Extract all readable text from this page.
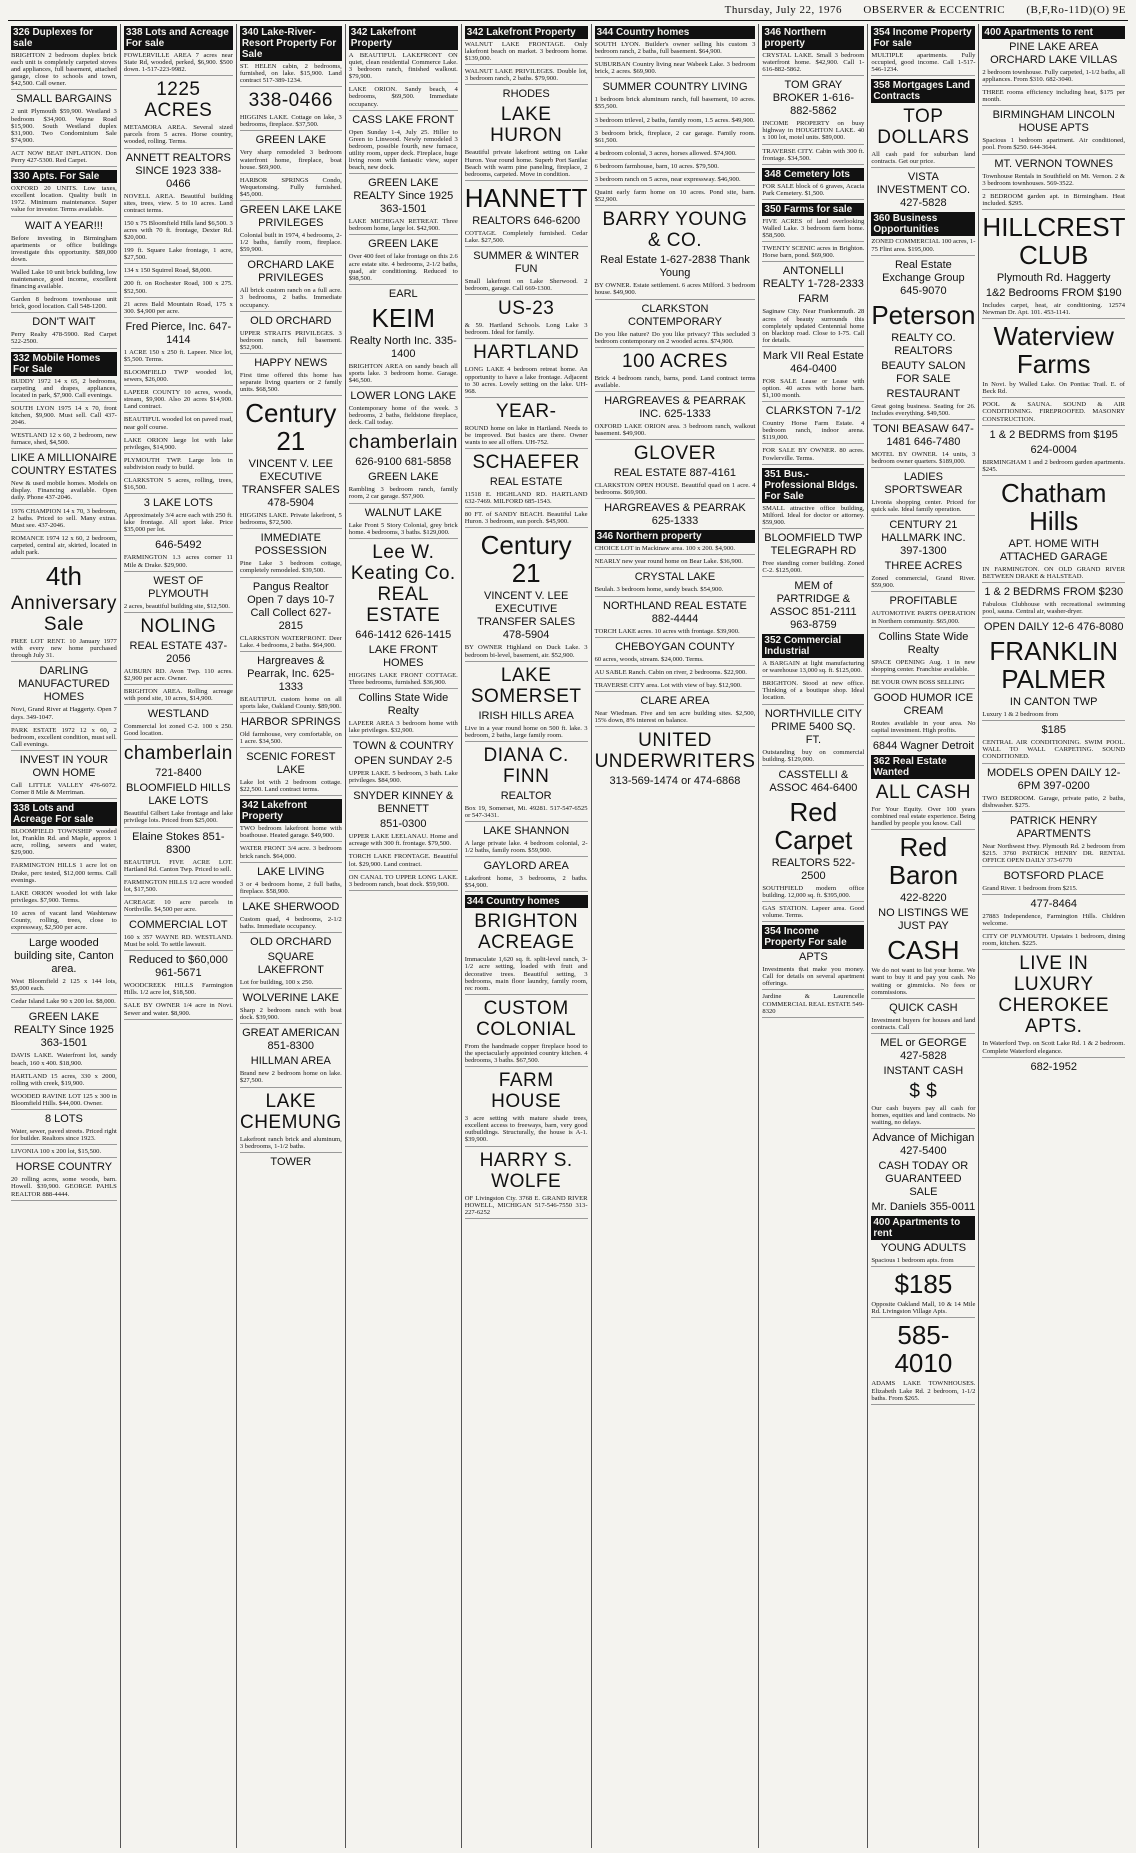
Thursday, July 22, 1976 OBSERVER & ECCENTRIC (B,F,Ro-11D)(O) 9E
326 Duplexes for sale
BRIGHTON 2 bedroom duplex brick each unit is completely carpeted stoves and appliances, full basement, attached garage, close to schools and town, $42,500. Call owner.
SMALL BARGAINS
2 unit Plymouth $59,900. Westland 3 bedroom $34,900. Wayne Road $15,900. South Westland duplex $31,900. Two Condominium Sale $74,900.
ACT NOW BEAT INFLATION. Don Perry 427-5300. Red Carpet.
330 Apts. For Sale
OXFORD 20 UNITS. Low taxes, excellent location. Quality built in 1972. Minimum maintenance. Super value for investor. Terms available.
WAIT A YEAR!!!
Before investing in Birmingham apartments or office buildings investigate this opportunity. $89,000 down.
Walled Lake 10 unit brick building, low maintenance, good income, excellent financing available.
Garden 8 bedroom townhouse unit brick, good location. Call 548-1200.
DON'T WAIT
Perry Realty 478-5900. Red Carpet 522-2500.
332 Mobile Homes For Sale
BUDDY 1972 14 x 65, 2 bedrooms, carpeting and drapes, appliances, located in park, $7,900. Call evenings.
SOUTH LYON 1975 14 x 70, front kitchen, $9,900. Must sell. Call 437-2046.
WESTLAND 12 x 60, 2 bedroom, new furnace, shed, $4,500.
LIKE A MILLIONAIRE COUNTRY ESTATES
New & used mobile homes. Models on display. Financing available. Open daily. Phone 437-2046.
1976 CHAMPION 14 x 70, 3 bedroom, 2 baths. Priced to sell. Many extras. Must see. 437-2046.
ROMANCE 1974 12 x 60, 2 bedroom, carpeted, central air, skirted, located in adult park.
4th
Anniversary Sale
FREE LOT RENT. 10 January 1977 with every new home purchased through July 31.
DARLING MANUFACTURED HOMES
Novi, Grand River at Haggerty. Open 7 days. 349-1047.
PARK ESTATE 1972 12 x 60, 2 bedroom, excellent condition, must sell. Call evenings.
INVEST IN YOUR OWN HOME
Call LITTLE VALLEY 476-6072. Corner 8 Mile & Merriman.
338 Lots and Acreage For sale
BLOOMFIELD TOWNSHIP wooded lot, Franklin Rd. and Maple, approx 1 acre, rolling, sewers and water, $29,900.
FARMINGTON HILLS 1 acre lot on Drake, perc tested, $12,000 terms. Call evenings.
LAKE ORION wooded lot with lake privileges. $7,900. Terms.
10 acres of vacant land Washtenaw County, rolling, trees, close to expressway, $2,500 per acre.
Large wooded building site, Canton area.
West Bloomfield 2 125 x 144 lots, $5,000 each.
Cedar Island Lake 90 x 200 lot. $8,000.
GREEN LAKE REALTY Since 1925 363-1501
DAVIS LAKE. Waterfront lot, sandy beach, 160 x 400. $18,900.
HARTLAND 15 acres, 330 x 2000, rolling with creek, $19,900.
WOODED RAVINE LOT 125 x 300 in Bloomfield Hills. $44,000. Owner.
8 LOTS
Water, sewer, paved streets. Priced right for builder. Realtors since 1923.
LIVONIA 100 x 200 lot, $15,500.
HORSE COUNTRY
20 rolling acres, some woods, barn. Howell. $39,900. GEORGE PAHLS REALTOR 888-4444.
338 Lots and Acreage For sale
FOWLERVILLE AREA 7 acres near State Rd, wooded, perked, $6,900. $500 down. 1-517-223-9982.
1225 ACRES
METAMORA AREA. Several sized parcels from 5 acres. Horse country, wooded, rolling. Terms.
ANNETT REALTORS SINCE 1923 338-0466
NOVELL AREA. Beautiful building sites, trees, view. 5 to 10 acres. Land contract terms.
150 x 75 Bloomfield Hills land $6,500. 3 acres with 70 ft. frontage, Dexter Rd. $20,000.
199 ft. Square Lake frontage, 1 acre, $27,500.
134 x 150 Squirrel Road, $8,000.
200 ft. on Rochester Road, 100 x 275. $52,500.
21 acres Bald Mountain Road, 175 x 300. $4,900 per acre.
Fred Pierce, Inc. 647-1414
1 ACRE 150 x 250 ft. Lapeer. Nice lot, $5,500. Terms.
BLOOMFIELD TWP wooded lot, sewers, $26,000.
LAPEER COUNTY 10 acres, woods, stream, $9,900. Also 20 acres $14,900. Land contract.
BEAUTIFUL wooded lot on paved road, near golf course.
LAKE ORION large lot with lake privileges, $14,900.
PLYMOUTH TWP. Large lots in subdivision ready to build.
CLARKSTON 5 acres, rolling, trees, $16,500.
3 LAKE LOTS
Approximately 3/4 acre each with 250 ft. lake frontage. All sport lake. Price $35,000 per lot.
646-5492
FARMINGTON 1.3 acres corner 11 Mile & Drake. $29,900.
WEST OF PLYMOUTH
2 acres, beautiful building site, $12,500.
NOLING
REAL ESTATE 437-2056
AUBURN RD. Avon Twp. 110 acres. $2,900 per acre. Owner.
BRIGHTON AREA. Rolling acreage with pond site, 10 acres, $14,900.
WESTLAND
Commercial lot zoned C-2. 100 x 250. Good location.
chamberlain
721-8400
BLOOMFIELD HILLS LAKE LOTS
Beautiful Gilbert Lake frontage and lake privilege lots. Priced from $25,000.
Elaine Stokes 851-8300
BEAUTIFUL FIVE ACRE LOT. Hartland Rd. Canton Twp. Priced to sell.
FARMINGTON HILLS 1/2 acre wooded lot, $17,500.
ACREAGE 10 acre parcels in Northville. $4,500 per acre.
COMMERCIAL LOT
160 x 357 WAYNE RD. WESTLAND. Must be sold. To settle lawsuit.
Reduced to $60,000 961-5671
WOODCREEK HILLS Farmington Hills. 1/2 acre lot, $18,500.
SALE BY OWNER 1/4 acre in Novi. Sewer and water. $8,900.
340 Lake-River-Resort Property For Sale
ST. HELEN cabin, 2 bedrooms, furnished, on lake. $15,900. Land contract 517-389-1234.
338-0466
HIGGINS LAKE. Cottage on lake, 3 bedrooms, fireplace. $37,500.
GREEN LAKE
Very sharp remodeled 3 bedroom waterfront home, fireplace, boat house. $69,900.
HARBOR SPRINGS Condo, Wequetonsing. Fully furnished. $45,000.
GREEN LAKE LAKE PRIVILEGES
Colonial built in 1974, 4 bedrooms, 2-1/2 baths, family room, fireplace. $59,900.
ORCHARD LAKE PRIVILEGES
All brick custom ranch on a full acre. 3 bedrooms, 2 baths. Immediate occupancy.
OLD ORCHARD
UPPER STRAITS PRIVILEGES. 3 bedroom ranch, full basement. $52,900.
HAPPY NEWS
First time offered this home has separate living quarters or 2 family units. $68,500.
Century 21
VINCENT V. LEE EXECUTIVE TRANSFER SALES 478-5904
HIGGINS LAKE. Private lakefront, 5 bedrooms, $72,500.
IMMEDIATE POSSESSION
Pine Lake 3 bedroom cottage, completely remodeled. $39,500.
Pangus Realtor Open 7 days 10-7 Call Collect 627-2815
CLARKSTON WATERFRONT. Deer Lake. 4 bedrooms, 2 baths. $64,900.
Hargreaves & Pearrak, Inc. 625-1333
BEAUTIFUL custom home on all sports lake, Oakland County. $89,900.
HARBOR SPRINGS
Old farmhouse, very comfortable, on 1 acre. $34,500.
SCENIC FOREST LAKE
Lake lot with 2 bedroom cottage. $22,500. Land contract terms.
342 Lakefront Property
TWO bedroom lakefront home with boathouse. Heated garage. $49,900.
WATER FRONT 3/4 acre. 3 bedroom brick ranch. $64,000.
LAKE LIVING
3 or 4 bedroom home, 2 full baths, fireplace. $58,900.
LAKE SHERWOOD
Custom quad, 4 bedrooms, 2-1/2 baths. Immediate occupancy.
OLD ORCHARD
SQUARE LAKEFRONT
Lot for building, 100 x 250.
WOLVERINE LAKE
Sharp 2 bedroom ranch with boat dock. $39,900.
GREAT AMERICAN 851-8300
HILLMAN AREA
Brand new 2 bedroom home on lake. $27,500.
LAKE CHEMUNG
Lakefront ranch brick and aluminum, 3 bedrooms, 1-1/2 baths.
TOWER
342 Lakefront Property
A BEAUTIFUL LAKEFRONT ON quiet, clean residential Commerce Lake. 3 bedroom ranch, finished walkout. $79,900.
LAKE ORION. Sandy beach, 4 bedrooms, $69,500. Immediate occupancy.
CASS LAKE FRONT
Open Sunday 1-4, July 25. Hiller to Green to Linwood. Newly remodeled 3 bedroom, possible fourth, new furnace, utility room, upper deck. Fireplace, huge living room with fantastic view, super beach, new dock.
GREEN LAKE REALTY Since 1925 363-1501
LAKE MICHIGAN RETREAT. Three bedroom home, large lot. $42,900.
GREEN LAKE
Over 400 feet of lake frontage on this 2.6 acre estate site. 4 bedrooms, 2-1/2 baths, quad, air conditioning. Reduced to $98,500.
EARL
KEIM
Realty North Inc. 335-1400
BRIGHTON AREA on sandy beach all sports lake. 3 bedroom home. Garage. $46,500.
LOWER LONG LAKE
Contemporary home of the week. 3 bedrooms, 2 baths, fieldstone fireplace, deck. Call today.
chamberlain
626-9100 681-5858
GREEN LAKE
Rambling 3 bedroom ranch, family room, 2 car garage. $57,900.
WALNUT LAKE
Lake Front 5 Story Colonial, grey brick home. 4 bedrooms, 3 baths. $129,000.
Lee W. Keating Co. REAL ESTATE
646-1412 626-1415
LAKE FRONT HOMES
HIGGINS LAKE FRONT COTTAGE. Three bedrooms, furnished. $36,900.
Collins State Wide Realty
LAPEER AREA 3 bedroom home with lake privileges. $32,900.
TOWN & COUNTRY
OPEN SUNDAY 2-5
UPPER LAKE. 5 bedroom, 3 bath. Lake privileges. $84,900.
SNYDER KINNEY & BENNETT
851-0300
UPPER LAKE LEELANAU. Home and acreage with 300 ft. frontage. $79,500.
TORCH LAKE FRONTAGE. Beautiful lot. $29,900. Land contract.
ON CANAL TO UPPER LONG LAKE. 3 bedroom ranch, boat dock. $59,900.
342 Lakefront Property
WALNUT LAKE FRONTAGE. Only lakefront beach on market. 3 bedroom home. $139,000.
WALNUT LAKE PRIVILEGES. Double lot, 3 bedroom ranch, 2 baths. $79,900.
RHODES
LAKE HURON
Beautiful private lakefront setting on Lake Huron. Year round home. Superb Port Sanilac Beach with warm pine paneling, fireplace, 2 bedrooms, carpeted. Move in condition.
HANNETT
REALTORS 646-6200
COTTAGE. Completely furnished. Cedar Lake. $27,500.
SUMMER & WINTER FUN
Small lakefront on Lake Sherwood. 2 bedroom, garage. Call 669-1300.
US-23
& 59. Hartland Schools. Long Lake 3 bedroom. Ideal for family.
HARTLAND
LONG LAKE 4 bedroom retreat home. An opportunity to have a lake frontage. Adjacent to 30 acres. Lovely setting on the lake. UH-968.
YEAR-
ROUND home on lake in Hartland. Needs to be improved. But basics are there. Owner wants to see all offers. UH-752.
SCHAEFER
REAL ESTATE
11518 E. HIGHLAND RD. HARTLAND 632-7469. MILFORD 685-1543.
80 FT. of SANDY BEACH. Beautiful Lake Huron. 3 bedroom, sun porch. $45,900.
Century 21
VINCENT V. LEE EXECUTIVE TRANSFER SALES 478-5904
BY OWNER Highland on Duck Lake. 3 bedroom bi-level, basement, air. $52,900.
LAKE SOMERSET
IRISH HILLS AREA
Live in a year round home on 500 ft. lake. 3 bedroom, 2 baths, large family room.
DIANA C. FINN
REALTOR
Box 19, Somerset, Mi. 49281. 517-547-6525 or 547-3431.
LAKE SHANNON
A large private lake. 4 bedroom colonial, 2-1/2 baths, family room. $59,900.
GAYLORD AREA
Lakefront home, 3 bedrooms, 2 baths. $54,900.
344 Country homes
BRIGHTON ACREAGE
Immaculate 1,620 sq. ft. split-level ranch, 3-1/2 acre setting, loaded with fruit and decorative trees. Beautiful setting, 3 bedrooms, main floor laundry, family room, rec room.
CUSTOM COLONIAL
From the handmade copper fireplace hood to the spectacularly appointed country kitchen. 4 bedrooms, 3 baths. $67,500.
FARM HOUSE
3 acre setting with mature shade trees, excellent access to freeways, barn, very good outbuildings. Structurally, the house is A-1. $39,900.
HARRY S. WOLFE
OF Livingston Cty. 3768 E. GRAND RIVER HOWELL, MICHIGAN 517-546-7550 313-227-6252
344 Country homes
SOUTH LYON. Builder's owner selling his custom 3 bedroom ranch, 2 baths, full basement. $64,900.
SUBURBAN Country living near Wabeek Lake. 3 bedroom brick, 2 acres. $69,900.
SUMMER COUNTRY LIVING
1 bedroom brick aluminum ranch, full basement, 10 acres. $55,500.
3 bedroom trilevel, 2 baths, family room, 1.5 acres. $49,900.
3 bedroom brick, fireplace, 2 car garage. Family room. $61,500.
4 bedroom colonial, 3 acres, horses allowed. $74,900.
6 bedroom farmhouse, barn, 10 acres. $79,500.
3 bedroom ranch on 5 acres, near expressway. $46,900.
Quaint early farm home on 10 acres. Pond site, barn. $52,900.
BARRY YOUNG & CO.
Real Estate 1-627-2838 Thank Young
BY OWNER. Estate settlement. 6 acres Milford. 3 bedroom house. $49,900.
CLARKSTON CONTEMPORARY
Do you like nature? Do you like privacy? This secluded 3 bedroom contemporary on 2 wooded acres. $74,900.
100 ACRES
Brick 4 bedroom ranch, barns, pond. Land contract terms available.
HARGREAVES & PEARRAK INC. 625-1333
OXFORD LAKE ORION area. 3 bedroom ranch, walkout basement. $49,900.
GLOVER
REAL ESTATE 887-4161
CLARKSTON OPEN HOUSE. Beautiful quad on 1 acre. 4 bedrooms. $69,900.
HARGREAVES & PEARRAK 625-1333
346 Northern property
CHOICE LOT in Mackinaw area. 100 x 200. $4,900.
NEARLY new year round home on Bear Lake. $36,900.
CRYSTAL LAKE
Beulah. 3 bedroom home, sandy beach. $54,900.
NORTHLAND REAL ESTATE 882-4444
TORCH LAKE acres. 10 acres with frontage. $39,900.
CHEBOYGAN COUNTY
60 acres, woods, stream. $24,000. Terms.
AU SABLE Ranch. Cabin on river, 2 bedrooms. $22,900.
TRAVERSE CITY area. Lot with view of bay. $12,900.
CLARE AREA
Near Wiedman. Five and ten acre building sites. $2,500, 15% down, 8% interest on balance.
UNITED UNDERWRITERS
313-569-1474 or 474-6868
346 Northern property
CRYSTAL LAKE. Small 3 bedroom waterfront home. $42,900. Call 1-616-882-5862.
TOM GRAY BROKER 1-616-882-5862
INCOME PROPERTY on busy highway in HOUGHTON LAKE. 40 x 100 lot, motel units. $89,000.
TRAVERSE CITY. Cabin with 300 ft. frontage. $34,500.
348 Cemetery lots
FOR SALE block of 6 graves, Acacia Park Cemetery. $1,500.
350 Farms for sale
FIVE ACRES of land overlooking Walled Lake. 3 bedroom farm home. $58,500.
TWENTY SCENIC acres in Brighton. Horse barn, pond. $69,900.
ANTONELLI REALTY 1-728-2333
FARM
Saginaw City. Near Frankenmuth. 28 acres of beauty surrounds this completely updated Centennial home on blacktop road. Close to I-75. Call for details.
Mark VII Real Estate 464-0400
FOR SALE Lease or Lease with option. 40 acres with horse barn. $1,100 month.
CLARKSTON 7-1/2
Country Horse Farm Estate. 4 bedroom ranch, indoor arena. $119,000.
FOR SALE BY OWNER. 80 acres. Fowlerville. Terms.
351 Bus.-Professional Bldgs. For Sale
SMALL attractive office building, Milford. Ideal for doctor or attorney. $59,900.
BLOOMFIELD TWP TELEGRAPH RD
Free standing corner building. Zoned C-2. $125,000.
MEM of PARTRIDGE & ASSOC 851-2111 963-8759
352 Commercial Industrial
A BARGAIN at light manufacturing or warehouse 13,000 sq. ft. $125,000.
BRIGHTON. Stood at new office. Thinking of a boutique shop. Ideal location.
NORTHVILLE CITY PRIME 5400 SQ. FT.
Outstanding buy on commercial building. $129,000.
CASSTELLI & ASSOC 464-6400
Red Carpet
REALTORS 522-2500
SOUTHFIELD modern office building. 12,000 sq. ft. $395,000.
GAS STATION. Lapeer area. Good volume. Terms.
354 Income Property For sale
APTS
Investments that make you money. Call for details on several apartment offerings.
Jardine & Laurencelle COMMERCIAL REAL ESTATE 549-8320
354 Income Property For sale
MULTIPLE apartments. Fully occupied, good income. Call 1-517-546-1234.
358 Mortgages Land Contracts
TOP DOLLARS
All cash paid for suburban land contracts. Get our price.
VISTA INVESTMENT CO. 427-5828
360 Business Opportunities
ZONED COMMERCIAL 100 acres, 1-75 Flint area. $195,000.
Real Estate Exchange Group 645-9070
Peterson
REALTY CO. REALTORS
BEAUTY SALON FOR SALE
RESTAURANT
Great going business. Seating for 26. Includes everything. $49,500.
TONI BEASAW 647-1481 646-7480
MOTEL BY OWNER. 14 units, 3 bedroom owner quarters. $189,000.
LADIES SPORTSWEAR
Livonia shopping center. Priced for quick sale. Ideal family operation.
CENTURY 21 HALLMARK INC. 397-1300
THREE ACRES
Zoned commercial, Grand River. $59,900.
PROFITABLE
AUTOMOTIVE PARTS OPERATION in Northern community. $65,000.
Collins State Wide Realty
SPACE OPENING Aug. 1 in new shopping center. Franchise available.
BE YOUR OWN BOSS SELLING
GOOD HUMOR ICE CREAM
Routes available in your area. No capital investment. High profits.
6844 Wagner Detroit
362 Real Estate Wanted
ALL CASH
For Your Equity. Over 100 years combined real estate experience. Being handled by people you know. Call
Red Baron
422-8220
NO LISTINGS WE JUST PAY
CASH
We do not want to list your home. We want to buy it and pay you cash. No waiting or gimmicks. No fees or commissions.
QUICK CASH
Investment buyers for houses and land contracts. Call
MEL or GEORGE 427-5828
INSTANT CASH
$ $
Our cash buyers pay all cash for homes, equities and land contracts. No waiting, no delays.
Advance of Michigan 427-5400
CASH TODAY OR GUARANTEED SALE
Mr. Daniels 355-0011
400 Apartments to rent
YOUNG ADULTS
Spacious 1 bedroom apts. from
$185
Opposite Oakland Mall, 10 & 14 Mile Rd. Livingston Village Apts.
585-4010
ADAMS LAKE TOWNHOUSES. Elizabeth Lake Rd. 2 bedroom, 1-1/2 baths. From $265.
400 Apartments to rent
PINE LAKE AREA ORCHARD LAKE VILLAS
2 bedroom townhouse. Fully carpeted, 1-1/2 baths, all appliances. From $310. 682-3040.
THREE rooms efficiency including heat, $175 per month.
BIRMINGHAM LINCOLN HOUSE APTS
Spacious 1 bedroom apartment. Air conditioned, pool. From $250. 644-3644.
MT. VERNON TOWNES
Townhouse Rentals in Southfield on Mt. Vernon. 2 & 3 bedroom townhouses. 569-3522.
2 BEDROOM garden apt. in Birmingham. Heat included. $295.
HILLCREST CLUB
Plymouth Rd. Haggerty
1&2 Bedrooms FROM $190
Includes carpet, heat, air conditioning. 12574 Newman Dr. Apt. 101. 453-1141.
Waterview Farms
In Novi. by Walled Lake. On Pontiac Trail. E. of Beck Rd.
POOL & SAUNA. SOUND & AIR CONDITIONING. FIREPROOFED. MASONRY CONSTRUCTION.
1 & 2 BEDRMS from $195
624-0004
BIRMINGHAM 1 and 2 bedroom garden apartments. $245.
Chatham Hills
APT. HOME WITH ATTACHED GARAGE
IN FARMINGTON. ON OLD GRAND RIVER BETWEEN DRAKE & HALSTEAD.
1 & 2 BEDRMS FROM $230
Fabulous Clubhouse with recreational swimming pool, sauna. Central air, washer-dryer.
OPEN DAILY 12-6 476-8080
FRANKLIN PALMER
IN CANTON TWP
Luxury 1 & 2 bedroom from
$185
CENTRAL AIR CONDITIONING. SWIM POOL. WALL TO WALL CARPETING. SOUND CONDITIONED.
MODELS OPEN DAILY 12-6PM 397-0200
TWO BEDROOM. Garage, private patio, 2 baths, dishwasher. $275.
PATRICK HENRY APARTMENTS
Near Northwest Hwy. Plymouth Rd. 2 bedroom from $215. 3760 PATRICK HENRY DR. RENTAL OFFICE OPEN DAILY 373-6770
BOTSFORD PLACE
Grand River. 1 bedroom from $215.
477-8464
27883 Independence, Farmington Hills. Children welcome.
CITY OF PLYMOUTH. Upstairs 1 bedroom, dining room, kitchen. $225.
LIVE IN LUXURY CHEROKEE APTS.
In Waterford Twp. on Scott Lake Rd. 1 & 2 bedroom. Complete Waterford elegance.
682-1952
